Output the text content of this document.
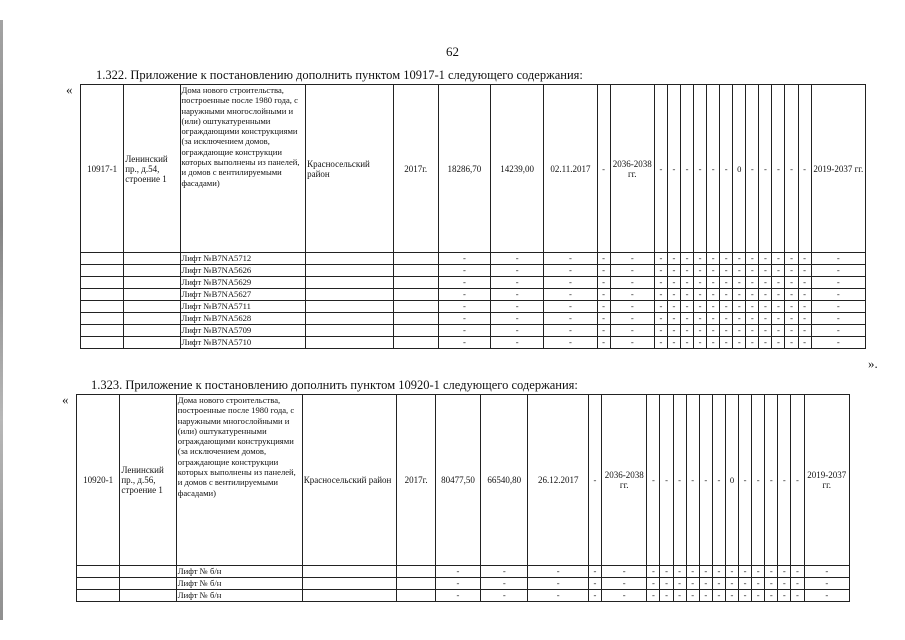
62
1.322. Приложение к постановлению дополнить пунктом 10917-1 следующего содержания:
«
10917-1	Ленинский пр., д.54, строение 1	Дома нового строительства, построенные после 1980 года, с наружными многослойными и (или) оштукатуренными ограждающими конструкциями (за исключением домов, ограждающие конструкции которых выполнены из панелей, и домов с вентилируемыми фасадами)	Красносельский район	2017г.	18286,70	14239,00	02.11.2017	-	2036-2038 гг.	-	-	-	-	-	-	0	-	-	-	-	-	2019-2037 гг.
		Лифт №B7NA5712			-	-	-	-	-	-	-	-	-	-	-	-	-	-	-	-	-	-
		Лифт №B7NA5626			-	-	-	-	-	-	-	-	-	-	-	-	-	-	-	-	-	-
		Лифт №B7NA5629			-	-	-	-	-	-	-	-	-	-	-	-	-	-	-	-	-	-
		Лифт №B7NA5627			-	-	-	-	-	-	-	-	-	-	-	-	-	-	-	-	-	-
		Лифт №B7NA5711			-	-	-	-	-	-	-	-	-	-	-	-	-	-	-	-	-	-
		Лифт №B7NA5628			-	-	-	-	-	-	-	-	-	-	-	-	-	-	-	-	-	-
		Лифт №B7NA5709			-	-	-	-	-	-	-	-	-	-	-	-	-	-	-	-	-	-
		Лифт №B7NA5710			-	-	-	-	-	-	-	-	-	-	-	-	-	-	-	-	-	-
».
1.323. Приложение к постановлению дополнить пунктом 10920-1 следующего содержания:
«
10920-1	Ленинский пр., д.56, строение 1	Дома нового строительства, построенные после 1980 года, с наружными многослойными и (или) оштукатуренными ограждающими конструкциями (за исключением домов, ограждающие конструкции которых выполнены из панелей, и домов с вентилируемыми фасадами)	Красносельский район	2017г.	80477,50	66540,80	26.12.2017	-	2036-2038 гг.	-	-	-	-	-	-	0	-	-	-	-	-	2019-2037 гг.
		Лифт № б/н			-	-	-	-	-	-	-	-	-	-	-	-	-	-	-	-	-	-
		Лифт № б/н			-	-	-	-	-	-	-	-	-	-	-	-	-	-	-	-	-	-
		Лифт № б/н			-	-	-	-	-	-	-	-	-	-	-	-	-	-	-	-	-	-
